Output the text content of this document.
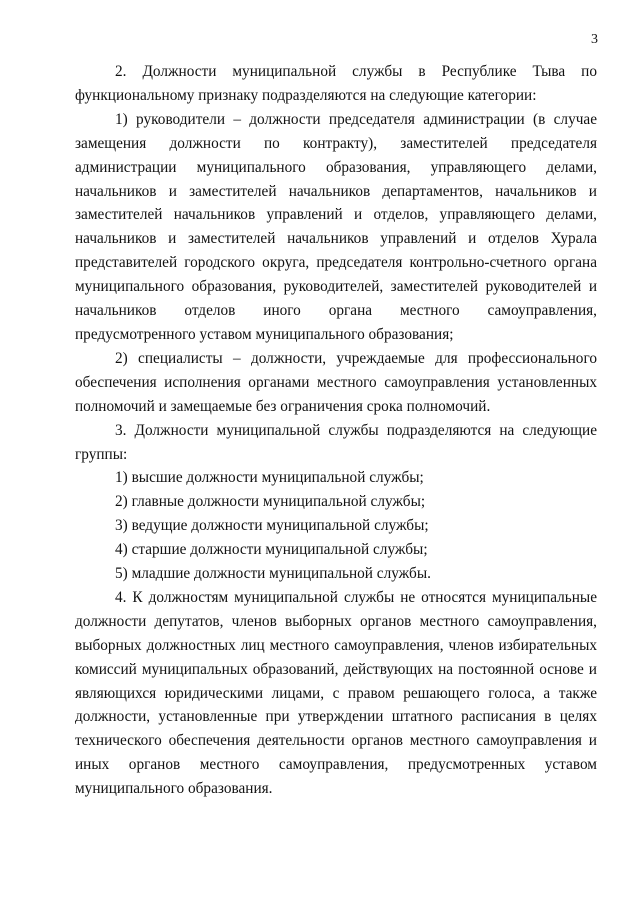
3

2. Должности муниципальной службы в Республике Тыва по функциональному признаку подразделяются на следующие категории:

1) руководители – должности председателя администрации (в случае замещения должности по контракту), заместителей председателя администрации муниципального образования, управляющего делами, начальников и заместителей начальников департаментов, начальников и заместителей начальников управлений и отделов, управляющего делами, начальников и заместителей начальников управлений и отделов Хурала представителей городского округа, председателя контрольно-счетного органа муниципального образования, руководителей, заместителей руководителей и начальников отделов иного органа местного самоуправления, предусмотренного уставом муниципального образования;

2) специалисты – должности, учреждаемые для профессионального обеспечения исполнения органами местного самоуправления установленных полномочий и замещаемые без ограничения срока полномочий.

3. Должности муниципальной службы подразделяются на следующие группы:

1) высшие должности муниципальной службы;

2) главные должности муниципальной службы;

3) ведущие должности муниципальной службы;

4) старшие должности муниципальной службы;

5) младшие должности муниципальной службы.

4. К должностям муниципальной службы не относятся муниципальные должности депутатов, членов выборных органов местного самоуправления, выборных должностных лиц местного самоуправления, членов избирательных комиссий муниципальных образований, действующих на постоянной основе и являющихся юридическими лицами, с правом решающего голоса, а также должности, установленные при утверждении штатного расписания в целях технического обеспечения деятельности органов местного самоуправления и иных органов местного самоуправления, предусмотренных уставом муниципального образования.
